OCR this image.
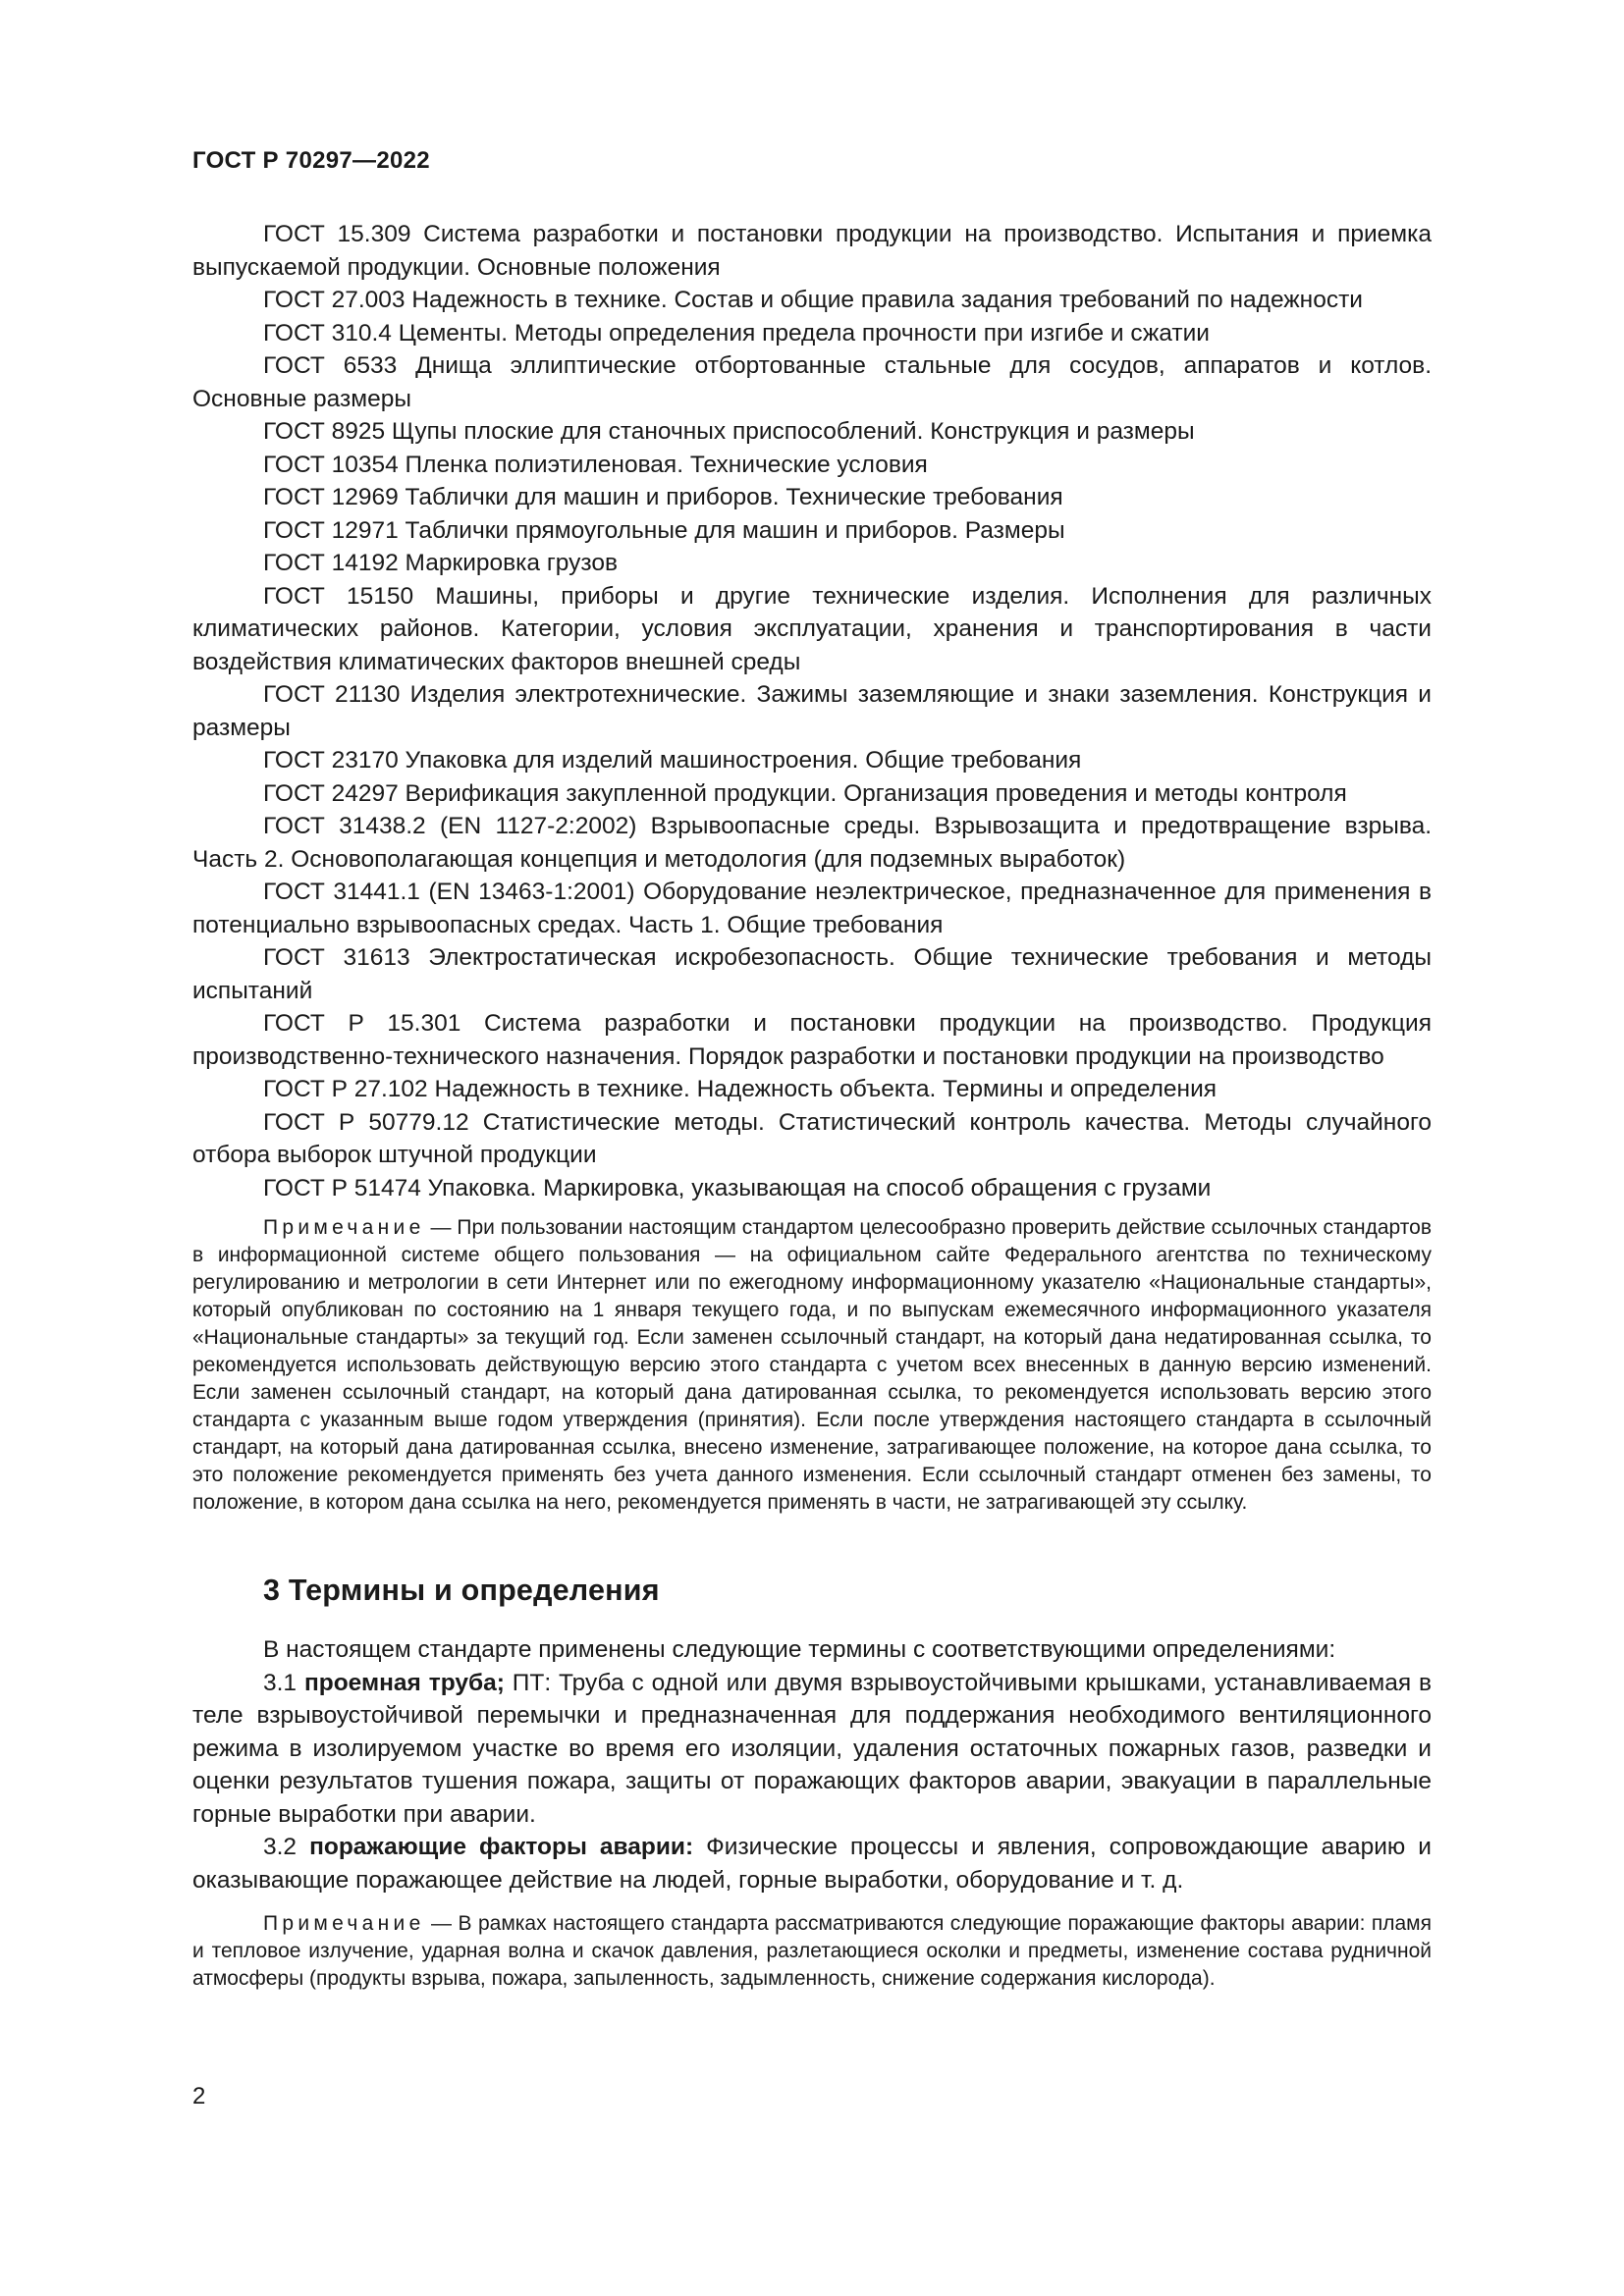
ГОСТ Р 70297—2022

ГОСТ 15.309 Система разработки и постановки продукции на производство. Испытания и приемка выпускаемой продукции. Основные положения

ГОСТ 27.003 Надежность в технике. Состав и общие правила задания требований по надежности

ГОСТ 310.4 Цементы. Методы определения предела прочности при изгибе и сжатии

ГОСТ 6533 Днища эллиптические отбортованные стальные для сосудов, аппаратов и котлов. Основные размеры

ГОСТ 8925 Щупы плоские для станочных приспособлений. Конструкция и размеры

ГОСТ 10354 Пленка полиэтиленовая. Технические условия

ГОСТ 12969 Таблички для машин и приборов. Технические требования

ГОСТ 12971 Таблички прямоугольные для машин и приборов. Размеры

ГОСТ 14192 Маркировка грузов

ГОСТ 15150 Машины, приборы и другие технические изделия. Исполнения для различных климатических районов. Категории, условия эксплуатации, хранения и транспортирования в части воздействия климатических факторов внешней среды

ГОСТ 21130 Изделия электротехнические. Зажимы заземляющие и знаки заземления. Конструкция и размеры

ГОСТ 23170 Упаковка для изделий машиностроения. Общие требования

ГОСТ 24297 Верификация закупленной продукции. Организация проведения и методы контроля

ГОСТ 31438.2 (EN 1127-2:2002) Взрывоопасные среды. Взрывозащита и предотвращение взрыва. Часть 2. Основополагающая концепция и методология (для подземных выработок)

ГОСТ 31441.1 (EN 13463-1:2001) Оборудование неэлектрическое, предназначенное для применения в потенциально взрывоопасных средах. Часть 1. Общие требования

ГОСТ 31613 Электростатическая искробезопасность. Общие технические требования и методы испытаний

ГОСТ Р 15.301 Система разработки и постановки продукции на производство. Продукция производственно-технического назначения. Порядок разработки и постановки продукции на производство

ГОСТ Р 27.102 Надежность в технике. Надежность объекта. Термины и определения

ГОСТ Р 50779.12 Статистические методы. Статистический контроль качества. Методы случайного отбора выборок штучной продукции

ГОСТ Р 51474 Упаковка. Маркировка, указывающая на способ обращения с грузами

Примечание — При пользовании настоящим стандартом целесообразно проверить действие ссылочных стандартов в информационной системе общего пользования — на официальном сайте Федерального агентства по техническому регулированию и метрологии в сети Интернет или по ежегодному информационному указателю «Национальные стандарты», который опубликован по состоянию на 1 января текущего года, и по выпускам ежемесячного информационного указателя «Национальные стандарты» за текущий год. Если заменен ссылочный стандарт, на который дана недатированная ссылка, то рекомендуется использовать действующую версию этого стандарта с учетом всех внесенных в данную версию изменений. Если заменен ссылочный стандарт, на который дана датированная ссылка, то рекомендуется использовать версию этого стандарта с указанным выше годом утверждения (принятия). Если после утверждения настоящего стандарта в ссылочный стандарт, на который дана датированная ссылка, внесено изменение, затрагивающее положение, на которое дана ссылка, то это положение рекомендуется применять без учета данного изменения. Если ссылочный стандарт отменен без замены, то положение, в котором дана ссылка на него, рекомендуется применять в части, не затрагивающей эту ссылку.

3 Термины и определения

В настоящем стандарте применены следующие термины с соответствующими определениями:

3.1 проемная труба; ПТ: Труба с одной или двумя взрывоустойчивыми крышками, устанавливаемая в теле взрывоустойчивой перемычки и предназначенная для поддержания необходимого вентиляционного режима в изолируемом участке во время его изоляции, удаления остаточных пожарных газов, разведки и оценки результатов тушения пожара, защиты от поражающих факторов аварии, эвакуации в параллельные горные выработки при аварии.

3.2 поражающие факторы аварии: Физические процессы и явления, сопровождающие аварию и оказывающие поражающее действие на людей, горные выработки, оборудование и т. д.

Примечание — В рамках настоящего стандарта рассматриваются следующие поражающие факторы аварии: пламя и тепловое излучение, ударная волна и скачок давления, разлетающиеся осколки и предметы, изменение состава рудничной атмосферы (продукты взрыва, пожара, запыленность, задымленность, снижение содержания кислорода).

2
